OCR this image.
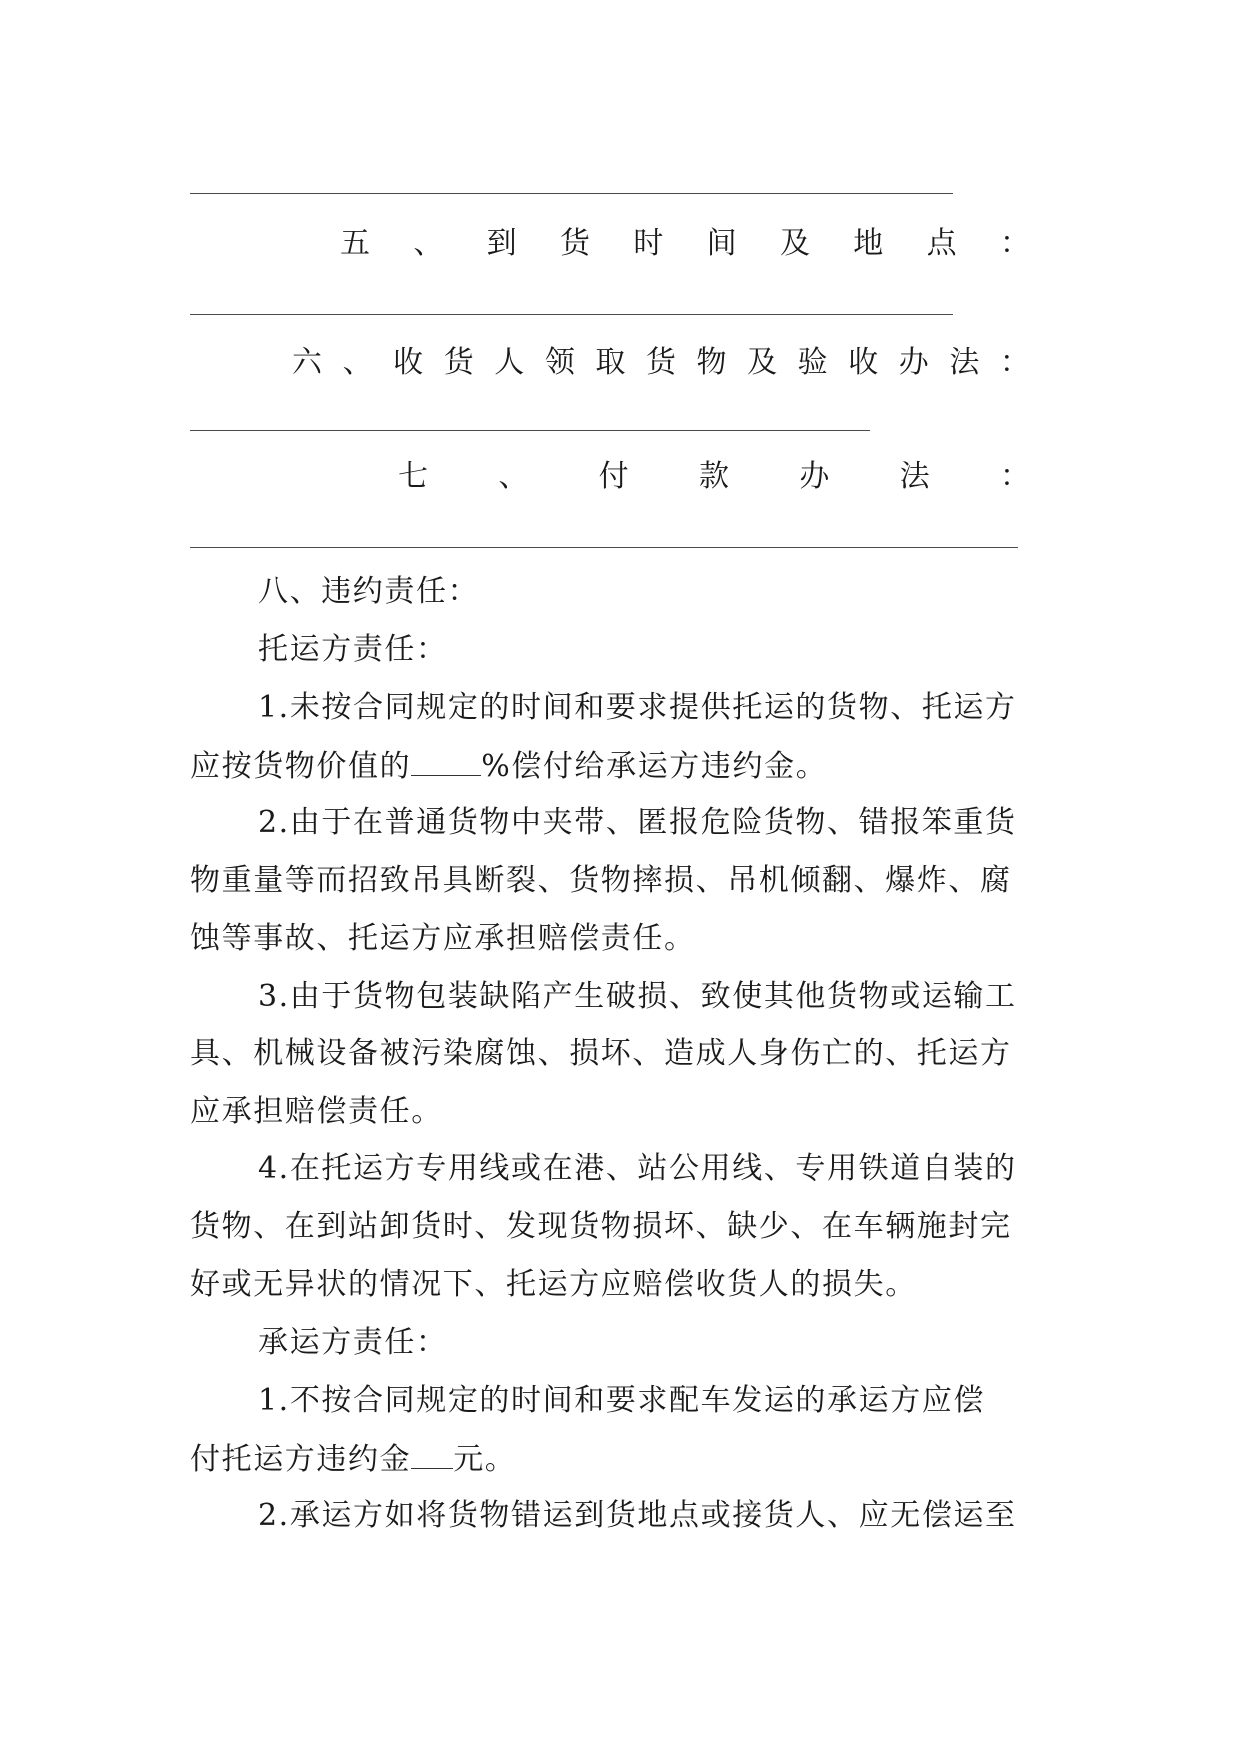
五 、 到 货 时 间 及 地 点 ：
六 、 收 货 人 领 取 货 物 及 验 收 办 法 ：
七 、 付 款 办 法 ：
八、违约责任：
托运方责任：
1.未按合同规定的时间和要求提供托运的货物、托运方
应按货物价值的 %偿付给承运方违约金。
2.由于在普通货物中夹带、匿报危险货物、错报笨重货
物重量等而招致吊具断裂、货物摔损、吊机倾翻、爆炸、腐
蚀等事故、托运方应承担赔偿责任。
3.由于货物包装缺陷产生破损、致使其他货物或运输工
具、机械设备被污染腐蚀、损坏、造成人身伤亡的、托运方
应承担赔偿责任。
4.在托运方专用线或在港、站公用线、专用铁道自装的
货物、在到站卸货时、发现货物损坏、缺少、在车辆施封完
好或无异状的情况下、托运方应赔偿收货人的损失。
承运方责任：
1.不按合同规定的时间和要求配车发运的承运方应偿
付托运方违约金 元。
2.承运方如将货物错运到货地点或接货人、应无偿运至
